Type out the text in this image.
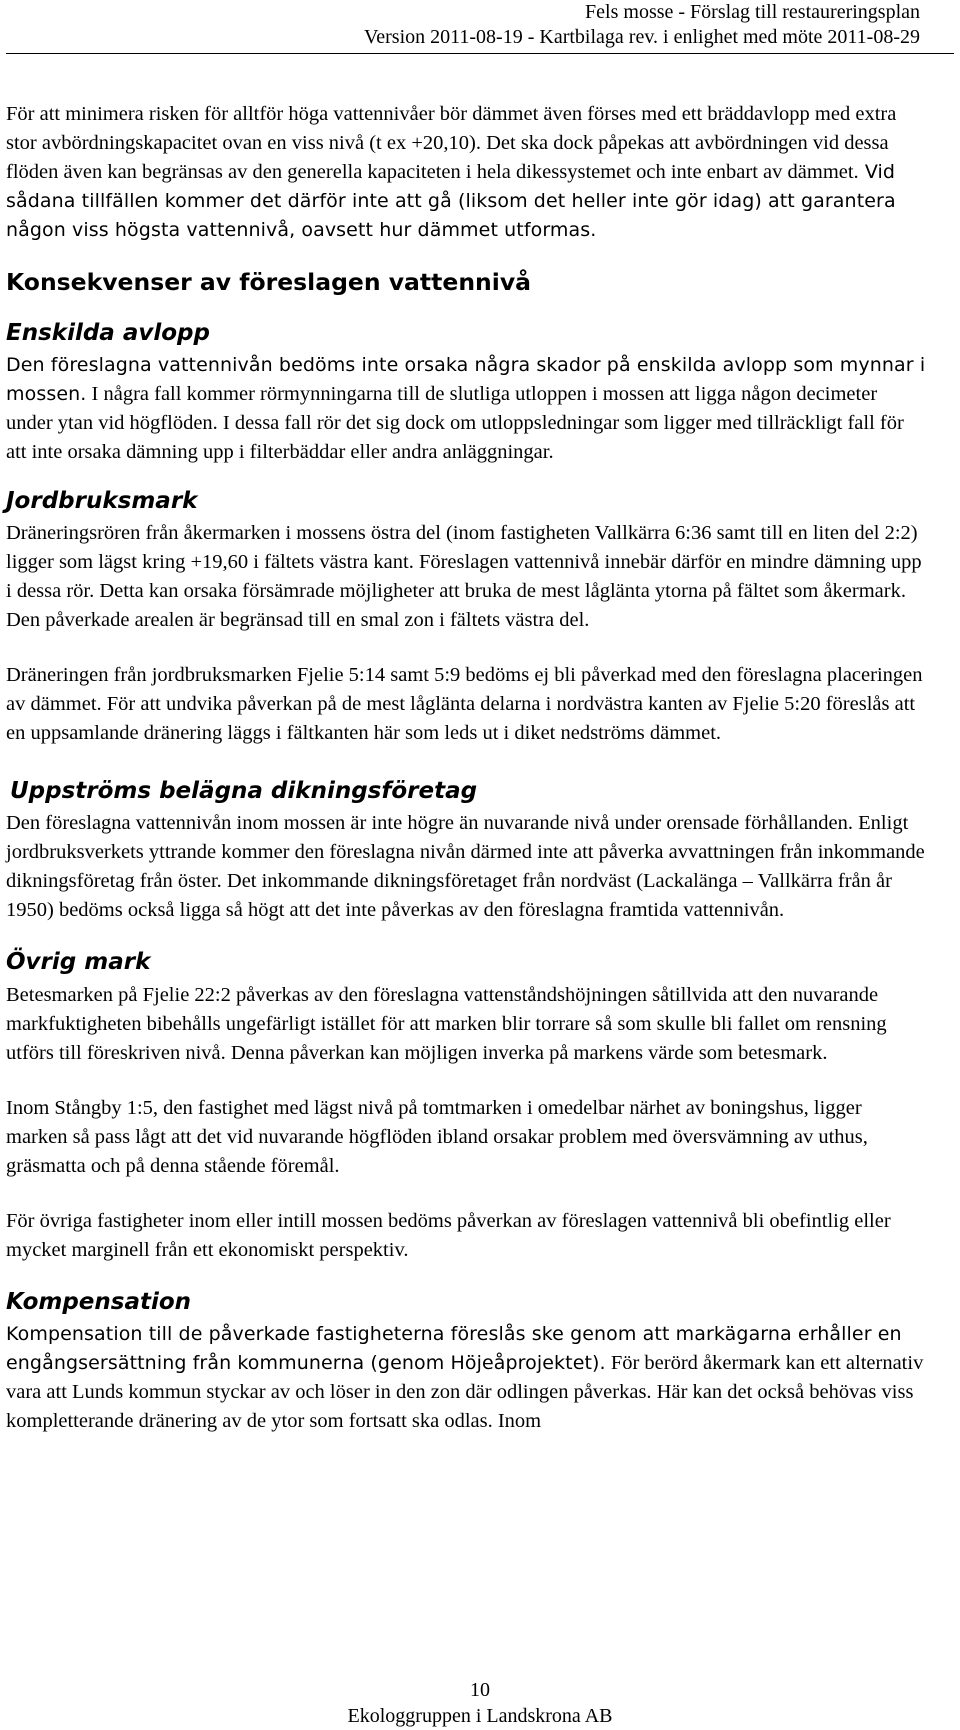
Fels mosse - Förslag till restaureringsplan
Version 2011-08-19 - Kartbilaga rev. i enlighet med möte 2011-08-29

För att minimera risken för alltför höga vattennivåer bör dämmet även förses med ett bräddavlopp med extra stor avbördningskapacitet ovan en viss nivå (t ex +20,10). Det ska dock påpekas att avbördningen vid dessa flöden även kan begränsas av den generella kapaciteten i hela dikessystemet och inte enbart av dämmet. Vid sådana tillfällen kommer det därför inte att gå (liksom det heller inte gör idag) att garantera någon viss högsta vattennivå, oavsett hur dämmet utformas.

Konsekvenser av föreslagen vattennivå
Enskilda avlopp

Den föreslagna vattennivån bedöms inte orsaka några skador på enskilda avlopp som mynnar i mossen. I några fall kommer rörmynningarna till de slutliga utloppen i mossen att ligga någon decimeter under ytan vid högflöden. I dessa fall rör det sig dock om utloppsledningar som ligger med tillräckligt fall för att inte orsaka dämning upp i filterbäddar eller andra anläggningar.

Jordbruksmark

Dräneringsrören från åkermarken i mossens östra del (inom fastigheten Vallkärra 6:36 samt till en liten del 2:2) ligger som lägst kring +19,60 i fältets västra kant. Föreslagen vattennivå innebär därför en mindre dämning upp i dessa rör. Detta kan orsaka försämrade möjligheter att bruka de mest låglänta ytorna på fältet som åkermark. Den påverkade arealen är begränsad till en smal zon i fältets västra del.

Dräneringen från jordbruksmarken Fjelie 5:14 samt 5:9 bedöms ej bli påverkad med den föreslagna placeringen av dämmet. För att undvika påverkan på de mest låglänta delarna i nordvästra kanten av Fjelie 5:20 föreslås att en uppsamlande dränering läggs i fältkanten här som leds ut i diket nedströms dämmet.

Uppströms belägna dikningsföretag

Den föreslagna vattennivån inom mossen är inte högre än nuvarande nivå under orensade förhållanden. Enligt jordbruksverkets yttrande kommer den föreslagna nivån därmed inte att påverka avvattningen från inkommande dikningsföretag från öster. Det inkommande dikningsföretaget från nordväst (Lackalänga – Vallkärra från år 1950) bedöms också ligga så högt att det inte påverkas av den föreslagna framtida vattennivån.

Övrig mark

Betesmarken på Fjelie 22:2 påverkas av den föreslagna vattenståndshöjningen såtillvida att den nuvarande markfuktigheten bibehålls ungefärligt istället för att marken blir torrare så som skulle bli fallet om rensning utförs till föreskriven nivå. Denna påverkan kan möjligen inverka på markens värde som betesmark.

Inom Stångby 1:5, den fastighet med lägst nivå på tomtmarken i omedelbar närhet av boningshus, ligger marken så pass lågt att det vid nuvarande högflöden ibland orsakar problem med översvämning av uthus, gräsmatta och på denna stående föremål.

För övriga fastigheter inom eller intill mossen bedöms påverkan av föreslagen vattennivå bli obefintlig eller mycket marginell från ett ekonomiskt perspektiv.

Kompensation

Kompensation till de påverkade fastigheterna föreslås ske genom att markägarna erhåller en engångsersättning från kommunerna (genom Höjeåprojektet). För berörd åkermark kan ett alternativ vara att Lunds kommun styckar av och löser in den zon där odlingen påverkas. Här kan det också behövas viss kompletterande dränering av de ytor som fortsatt ska odlas. Inom

10
Ekologgruppen i Landskrona AB
